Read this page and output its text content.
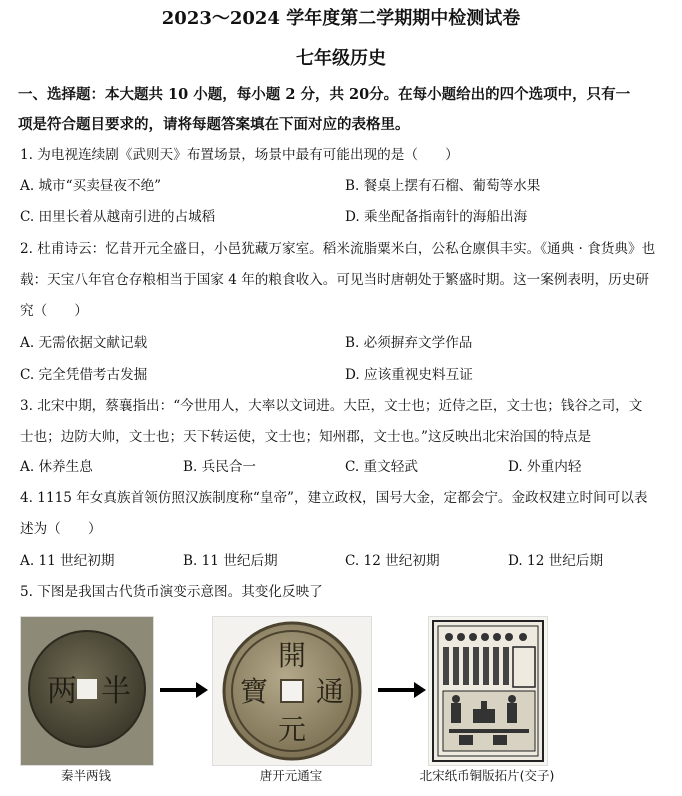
2023～2024 学年度第二学期期中检测试卷
七年级历史
一、选择题：本大题共 10 小题，每小题 2 分，共 20分。在每小题给出的四个选项中，只有一
项是符合题目要求的，请将每题答案填在下面对应的表格里。
1. 为电视连续剧《武则天》布置场景，场景中最有可能出现的是（　　）
A. 城市“买卖昼夜不绝”	B. 餐桌上摆有石榴、葡萄等水果
C. 田里长着从越南引进的占城稻	D. 乘坐配备指南针的海船出海
2. 杜甫诗云：忆昔开元全盛日，小邑犹藏万家室。稻米流脂粟米白，公私仓廪俱丰实。《通典 · 食货典》也
载：天宝八年官仓存粮相当于国家 4 年的粮食收入。可见当时唐朝处于繁盛时期。这一案例表明，历史研
究（　　）
A. 无需依据文献记载	B. 必须摒弃文学作品
C. 完全凭借考古发掘	D. 应该重视史料互证
3. 北宋中期，蔡襄指出：“今世用人，大率以文词进。大臣，文士也；近侍之臣，文士也；钱谷之司，文
士也；边防大帅，文士也；天下转运使，文士也；知州郡，文士也。”这反映出北宋治国的特点是
A. 休养生息	B. 兵民合一	C. 重文轻武	D. 外重内轻
4. 1115 年女真族首领仿照汉族制度称“皇帝”，建立政权，国号大金，定都会宁。金政权建立时间可以表
述为（　　）
A. 11 世纪初期	B. 11 世纪后期	C. 12 世纪初期	D. 12 世纪后期
5. 下图是我国古代货币演变示意图。其变化反映了
两 半
開
元
通
寶
秦半两钱	唐开元通宝	北宋纸币铜版拓片(交子)
